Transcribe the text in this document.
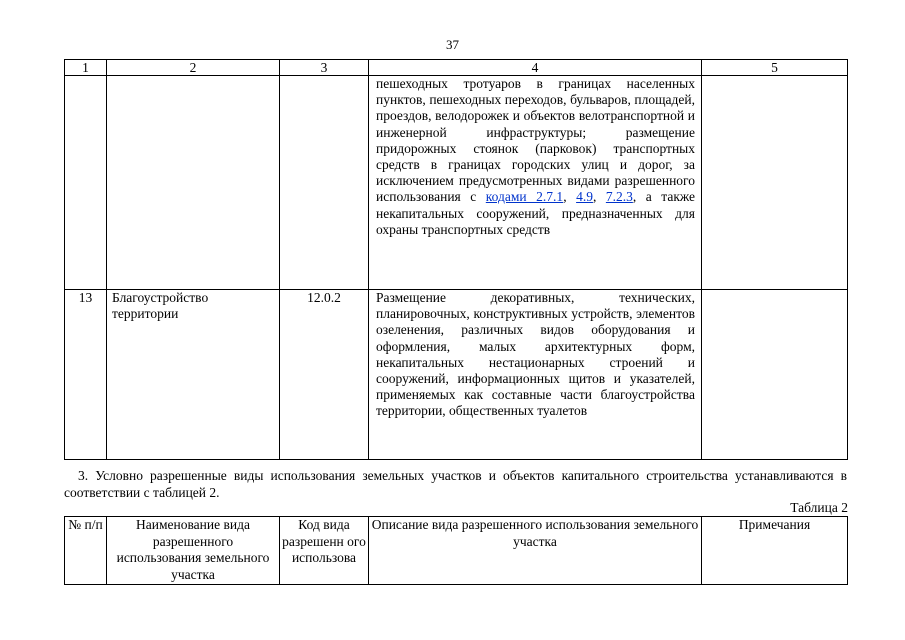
37
1	2	3	4	5
			пешеходных тротуаров в границах населенных пунктов, пешеходных переходов, бульваров, площадей, проездов, велодорожек и объектов велотранспортной и инженерной инфраструктуры; размещение придорожных стоянок (парковок) транспортных средств в границах городских улиц и дорог, за исключением предусмотренных видами разрешенного использования с кодами 2.7.1, 4.9, 7.2.3, а также некапитальных сооружений, предназначенных для охраны транспортных средств	
13	Благоустройство территории	12.0.2	Размещение декоративных, технических, планировочных, конструктивных устройств, элементов озеленения, различных видов оборудования и оформления, малых архитектурных форм, некапитальных нестационарных строений и сооружений, информационных щитов и указателей, применяемых как составные части благоустройства территории, общественных туалетов	
3. Условно разрешенные виды использования земельных участков и объектов капитального строительства устанавливаются в соответствии с таблицей 2.
Таблица 2
№ п/п	Наименование вида разрешенного использования земельного участка	Код вида разрешенн ого использова	Описание вида разрешенного использования земельного участка	Примечания
